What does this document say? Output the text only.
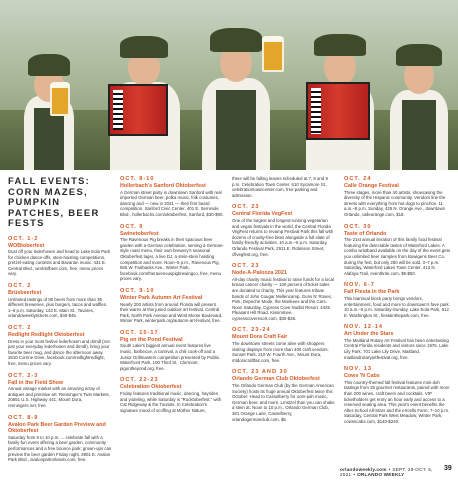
FALL EVENTS: CORN MAZES, PUMPKIN PATCHES, BEER FESTS
OCT. 1-2
WOBtoberfest
Dust off your lederhosen and head to Lake Eola Park for chicken dance-offs, stein-hoisting competitions, pretzel-eating contests and Bavarian music. 431 E. Central Blvd., worldofbeer.com, free, menu prices vary.
OCT. 2
Brüsbeerfest
Unlimited tastings of 80 beers from more than 35 different breweries, plus burgers, tacos and waffles. 1–6 p.m. Saturday, 143 E. Main St., Tavares, orlandoweeklytickets.com, $40-$45.
OCT. 2
Redlight Redlight Oktoberfest
Dress in your most festive lederhosen and dirndl (not just your everyday lederhosen and dirndl), bring your favorite beer mug, and dance the afternoon away. 2810 Corrine Drive, facebook.com/redlightredlight, free, menu prices vary.
OCT. 2-3
Fall in the Field Show
Annual vintage market with an amazing array of antiques and primitive art. Renninger's Twin Markets, 20651 U.S. Highway 441, Mount Dora, renningers.net, free.
OCT. 8-9
Avalon Park Beer Garden Preview and Oktoberfest
Saturday from 5 to 10 p.m. ... celebrate fall with a family-fun event offering a beer garden, community performances and a free bounce park; grown-ups can preview the beer garden Friday night. 3801 E. Avalon Park Blvd., avalonparkorlando.com, free.
OCT. 8-10
Hollerbach's Sanford Oktoberfest
A German street party in downtown Sanford with real imported German beer, polka music, folk costumes, dancing and — new in 2021 — their first beard competition. Sanford Civic Center, 401 E. Seminole Blvd., hollerbachs.com/oktoberfest, Sanford, $30-$90.
OCT. 9
Swinetoberfest
The Ravenous Pig breaks in their spacious beer garden with a German celebration, serving a German-style roast menu, their own brewery's seasonal Oktoberfest lager, a live DJ, a stein-stein hoisting competition and more. Noon–5 p.m., Ravenous Pig, 565 W. Fairbanks Ave., Winter Park, facebook.com/theravenouspigbrewingco, free, menu prices vary.
OCT. 9-10
Winter Park Autumn Art Festival
Nearly 200 artists from around Florida will present their wares at this juried outdoor art festival. Central Park, North Park Avenue and West Morse Boulevard, Winter Park, winterpark.org/autumn-art-festival, free.
OCT. 15-17
Pig on the Pond Festival
South Lake's biggest annual event features live music, barbecue, a carnival, a chili cook-off and a Junior Grillmasters competition presented by Publix. Waterfront Park, 100 Third St., Clermont, pigonthepond.org, free.
OCT. 22-23
Celebration Oktoberfest
Friday features traditional music, dancing, hayrides and yodeling, while Saturday is "Rocktoberfest," with Cat Ridgeway & the Tourists. In Celebration's signature mood of scoffing at Mother Nature,
there will be falling leaves scheduled at 7, 8 and 9 p.m. Celebration Town Center, 610 Sycamore St., celebrationtowncenter.com, free parking and admission.
OCT. 23
Central Florida VegFest
One of the largest and longest-running vegetarian and vegan festivals in the world, the Central Florida VegFest returns to revamp Festival Park this fall with dozens of cruelty-free bites alongside a full slate of family-friendly activities. 10 a.m.–6 p.m. Saturday, Orlando Festival Park, 2911 E. Robinson Street, cflvegfest.org, free.
OCT. 23
Node-A-Palooza 2021
All-day charity music festival to raise funds for a local breast cancer charity — 100 percent of ticket sales are donated to charity. This year features tribute bands of John Cougar Mellencamp, Guns N' Roses, Pink, Depeche Mode, the Monkees and the Cars. Noon Saturday, Cypress Cove Nudist Resort, 4425 Pleasant Hill Road, Kissimmee, cypresscoveresort.com, $30-$35.
OCT. 23-24
Mount Dora Craft Fair
The downtown streets come alive with shoppers visiting displays from more than 400 craft vendors. Sunset Park, 210 W. Fourth Ave., Mount Dora, mtdoracraftfair.com, free.
OCT. 23 AND 30
Orlando German Club Oktoberfest
The Orlando German Club (by the German American Society) hosts its huge annual Oktoberfest twice this October. Head to Casselberry for oom-pah music, German beer, and more. Lrnstzel than you can shake a stein at. Noon to 10 p.m., Orlando German Club, 381 Orange Lane, Casselberry, orlandogermanclub.com, $5.
OCT. 24
Calle Orange Festival
Three stages, more than 40 artists, showcasing the diversity of the Hispanic community. Vendors line the streets with everything from hot dogs to pinchos. 11 a.m.–8 p.m. Sunday, 425 N. Orange Ave., downtown Orlando, calleorange.com, $18.
OCT. 30
Taste of Orlando
The 21st annual iteration of this family food festival featuring the delectable tastes of Waterford Lakes. A combo wristband available on the day of the event gets you unlimited beer samples from Bowigens Beer Co. during the fest, but only 250 will be sold. 3–7 p.m. Saturday, Waterford Lakes Town Center, 413 N. Alafaya Trail, eventbrite.com, $5-$50.
NOV. 6-7
Fall Fiesta in the Park
This biannual block party brings vendors, entertainment, food and more to downtown's fave park. 10 a.m.–5 p.m. Saturday-Sunday, Lake Eola Park, 512 E. Washington St., fiestainthepark.com, free.
NOV. 12-14
Art Under the Stars
The Maitland Rotary Art Festival has been entertaining Central Florida residents and visitors since 1976. Lake Lily Park, 701 Lake Lily Drive, Maitland, maitlandrotaryartfestival.org, free.
NOV. 13
Cows 'N Cabs
This country-themed fall festival features mini-doh tastings from 25 gourmet restaurants, paired with more than 200 wines, craft beers and cocktails. VIP ticketholders get entry an hour early and access to a reserved seating area. This year's event benefits the After-School All-Stars and the eXcells Farm. 7–10 p.m. Saturday, Central Park West Meadow, Winter Park, cowsncabs.com, $140-$240.
orlandoweekly.com • SEPT. 29-OCT. 5, 2021 • ORLANDO WEEKLY
39
